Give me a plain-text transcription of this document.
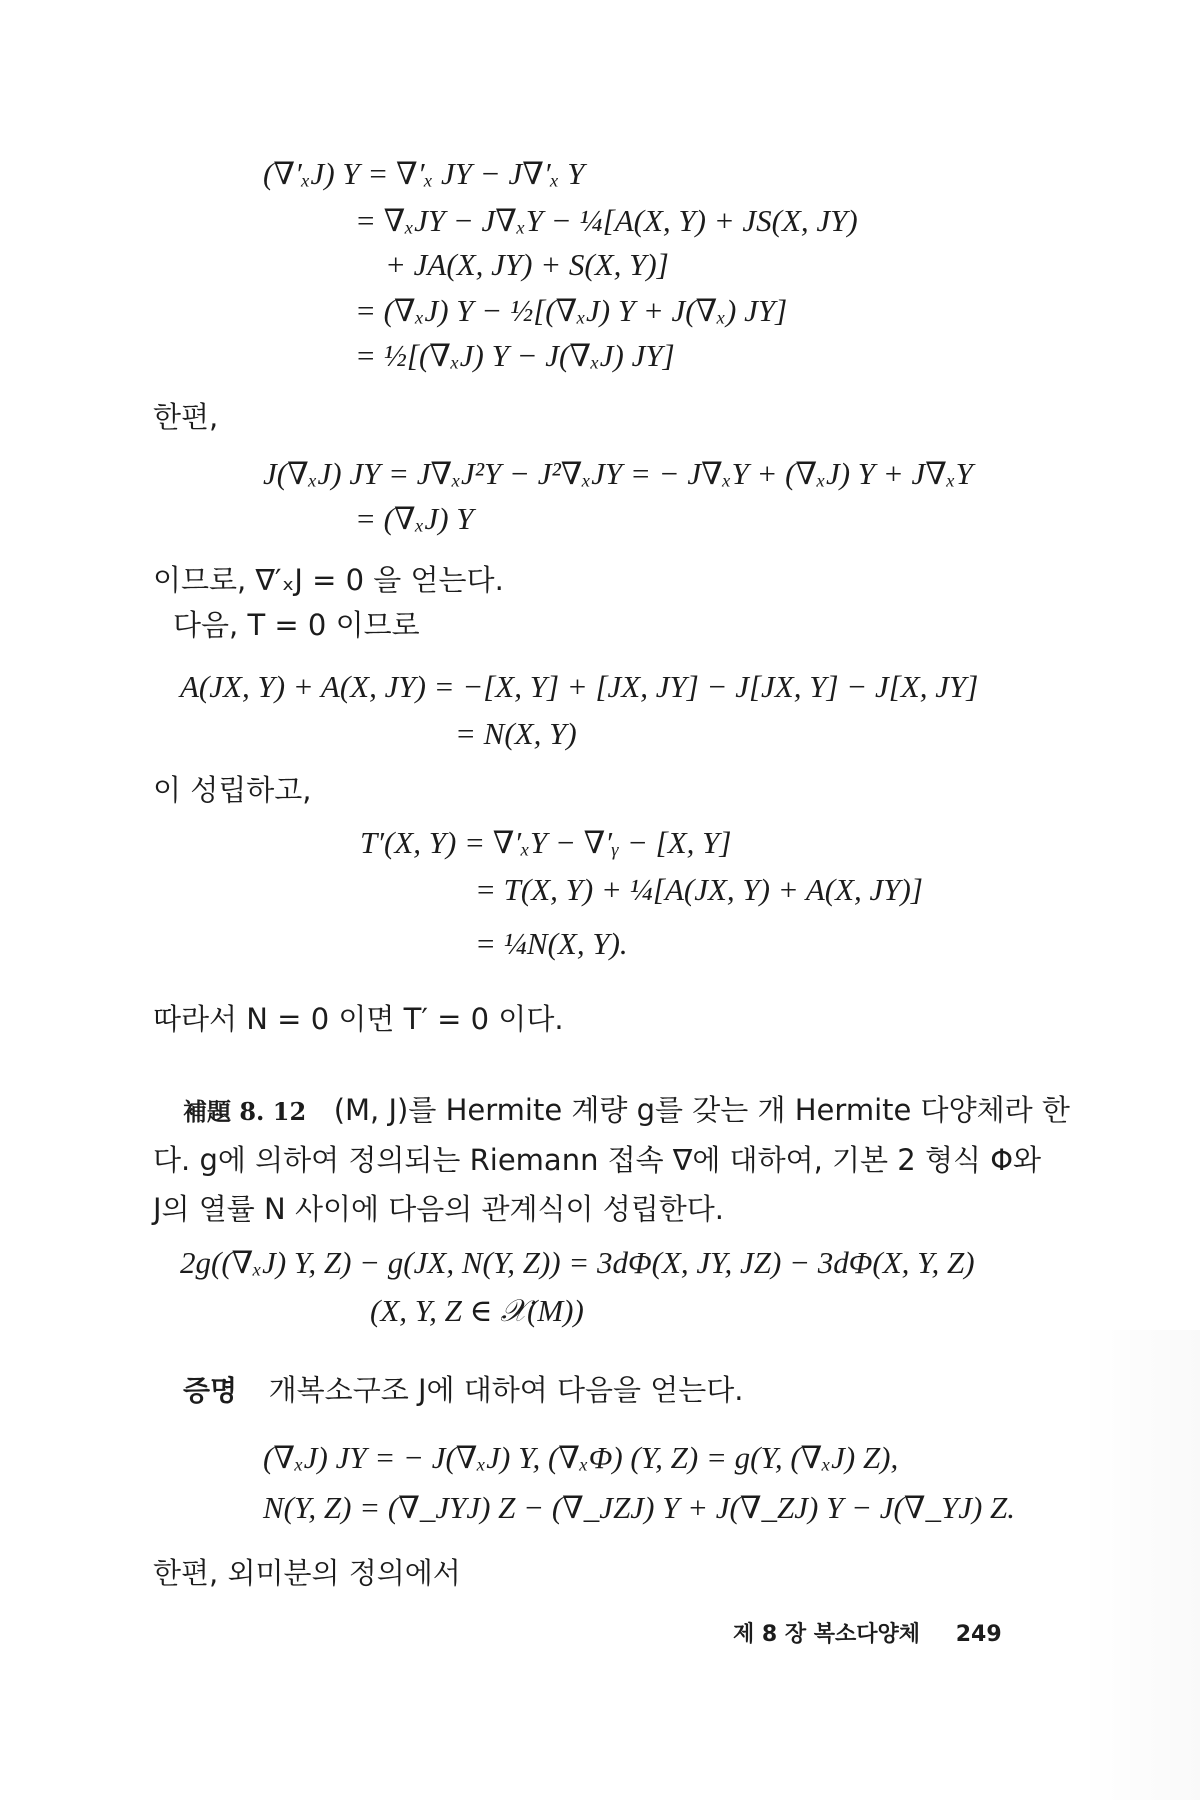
(∇′ₓJ) Y = ∇′ₓ JY − J∇′ₓ Y
= ∇ₓJY − J∇ₓY − ¼[A(X, Y) + JS(X, JY)
+ JA(X, JY) + S(X, Y)]
= (∇ₓJ) Y − ½[(∇ₓJ) Y + J(∇ₓ) JY]
= ½[(∇ₓJ) Y − J(∇ₓJ) JY]
한편,
J(∇ₓJ) JY = J∇ₓJ²Y − J²∇ₓJY = − J∇ₓY + (∇ₓJ) Y + J∇ₓY
= (∇ₓJ) Y
이므로, ∇′ₓJ = 0 을 얻는다.
다음, T = 0 이므로
A(JX, Y) + A(X, JY) = −[X, Y] + [JX, JY] − J[JX, Y] − J[X, JY]
= N(X, Y)
이 성립하고,
T′(X, Y) = ∇′ₓY − ∇′ᵧ − [X, Y]
= T(X, Y) + ¼[A(JX, Y) + A(X, JY)]
= ¼N(X, Y).
따라서 N = 0 이면 T′ = 0 이다.
補題 8. 12 (M, J)를 Hermite 계량 g를 갖는 개 Hermite 다양체라 한
다. g에 의하여 정의되는 Riemann 접속 ∇에 대하여, 기본 2 형식 Φ와
J의 열률 N 사이에 다음의 관계식이 성립한다.
2g((∇ₓJ) Y, Z) − g(JX, N(Y, Z)) = 3dΦ(X, JY, JZ) − 3dΦ(X, Y, Z)
(X, Y, Z ∈ 𝒳(M))
증명 개복소구조 J에 대하여 다음을 얻는다.
(∇ₓJ) JY = − J(∇ₓJ) Y, (∇ₓΦ) (Y, Z) = g(Y, (∇ₓJ) Z),
N(Y, Z) = (∇_JYJ) Z − (∇_JZJ) Y + J(∇_ZJ) Y − J(∇_YJ) Z.
한편, 외미분의 정의에서
제 8 장 복소다양체 249
